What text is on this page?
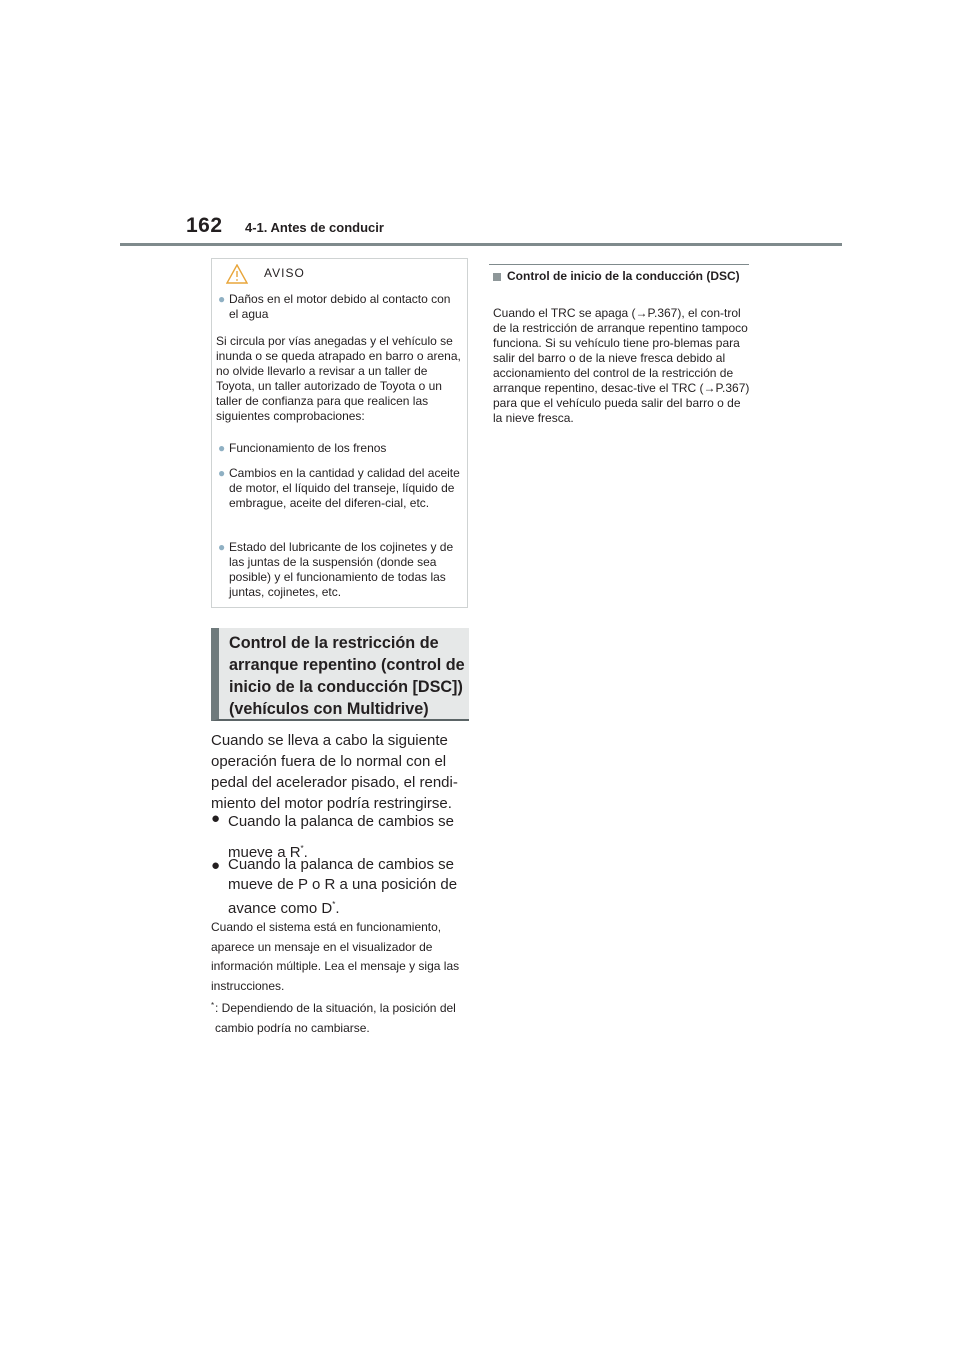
162 4-1. Antes de conducir
AVISO
● Daños en el motor debido al contacto con el agua
Si circula por vías anegadas y el vehículo se inunda o se queda atrapado en barro o arena, no olvide llevarlo a revisar a un taller de Toyota, un taller autorizado de Toyota o un taller de confianza para que realicen las siguientes comprobaciones:
● Funcionamiento de los frenos
● Cambios en la cantidad y calidad del aceite de motor, el líquido del transeje, líquido de embrague, aceite del diferen-cial, etc.
● Estado del lubricante de los cojinetes y de las juntas de la suspensión (donde sea posible) y el funcionamiento de todas las juntas, cojinetes, etc.
Control de la restricción de arranque repentino (control de inicio de la conducción [DSC]) (vehículos con Multidrive)
Cuando se lleva a cabo la siguiente operación fuera de lo normal con el pedal del acelerador pisado, el rendi-miento del motor podría restringirse.
● Cuando la palanca de cambios se mueve a R*.
● Cuando la palanca de cambios se mueve de P o R a una posición de avance como D*.
Cuando el sistema está en funcionamiento, aparece un mensaje en el visualizador de información múltiple. Lea el mensaje y siga las instrucciones.
* : Dependiendo de la situación, la posición del cambio podría no cambiarse.
Control de inicio de la conducción (DSC)
Cuando el TRC se apaga (→P.367), el con-trol de la restricción de arranque repentino tampoco funciona. Si su vehículo tiene pro-blemas para salir del barro o de la nieve fresca debido al accionamiento del control de la restricción de arranque repentino, desac-tive el TRC (→P.367) para que el vehículo pueda salir del barro o de la nieve fresca.
